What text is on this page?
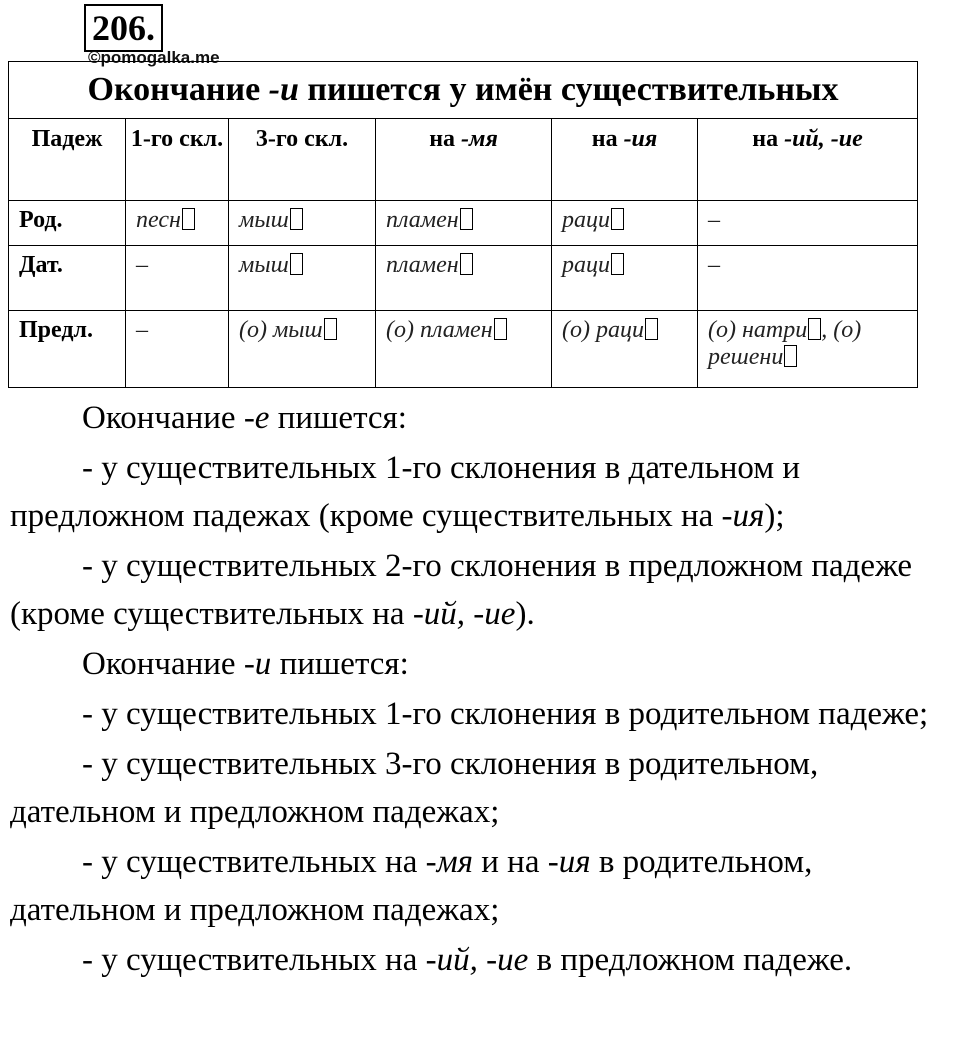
206.
©pomogalka.me
Окончание -и пишется у имён существительных					
Падеж	1-го скл.	3-го скл.	на -мя	на -ия	на -ий, -ие
Род.	песн	мыш	пламен	раци	–
Дат.	–	мыш	пламен	раци	–
Предл.	–	(о) мыш	(о) пламен	(о) раци	(о) натри , (о) решени

Окончание -е пишется:

- у существительных 1-го склонения в дательном и предложном падежах (кроме существительных на -ия);

- у существительных 2-го склонения в предложном падеже (кроме существительных на -ий, -ие).

Окончание -и пишется:

- у существительных 1-го склонения в родительном падеже;

- у существительных 3-го склонения в родительном, дательном и предложном падежах;

- у существительных на -мя и на -ия в родительном, дательном и предложном падежах;

- у существительных на -ий, -ие в предложном падеже.
